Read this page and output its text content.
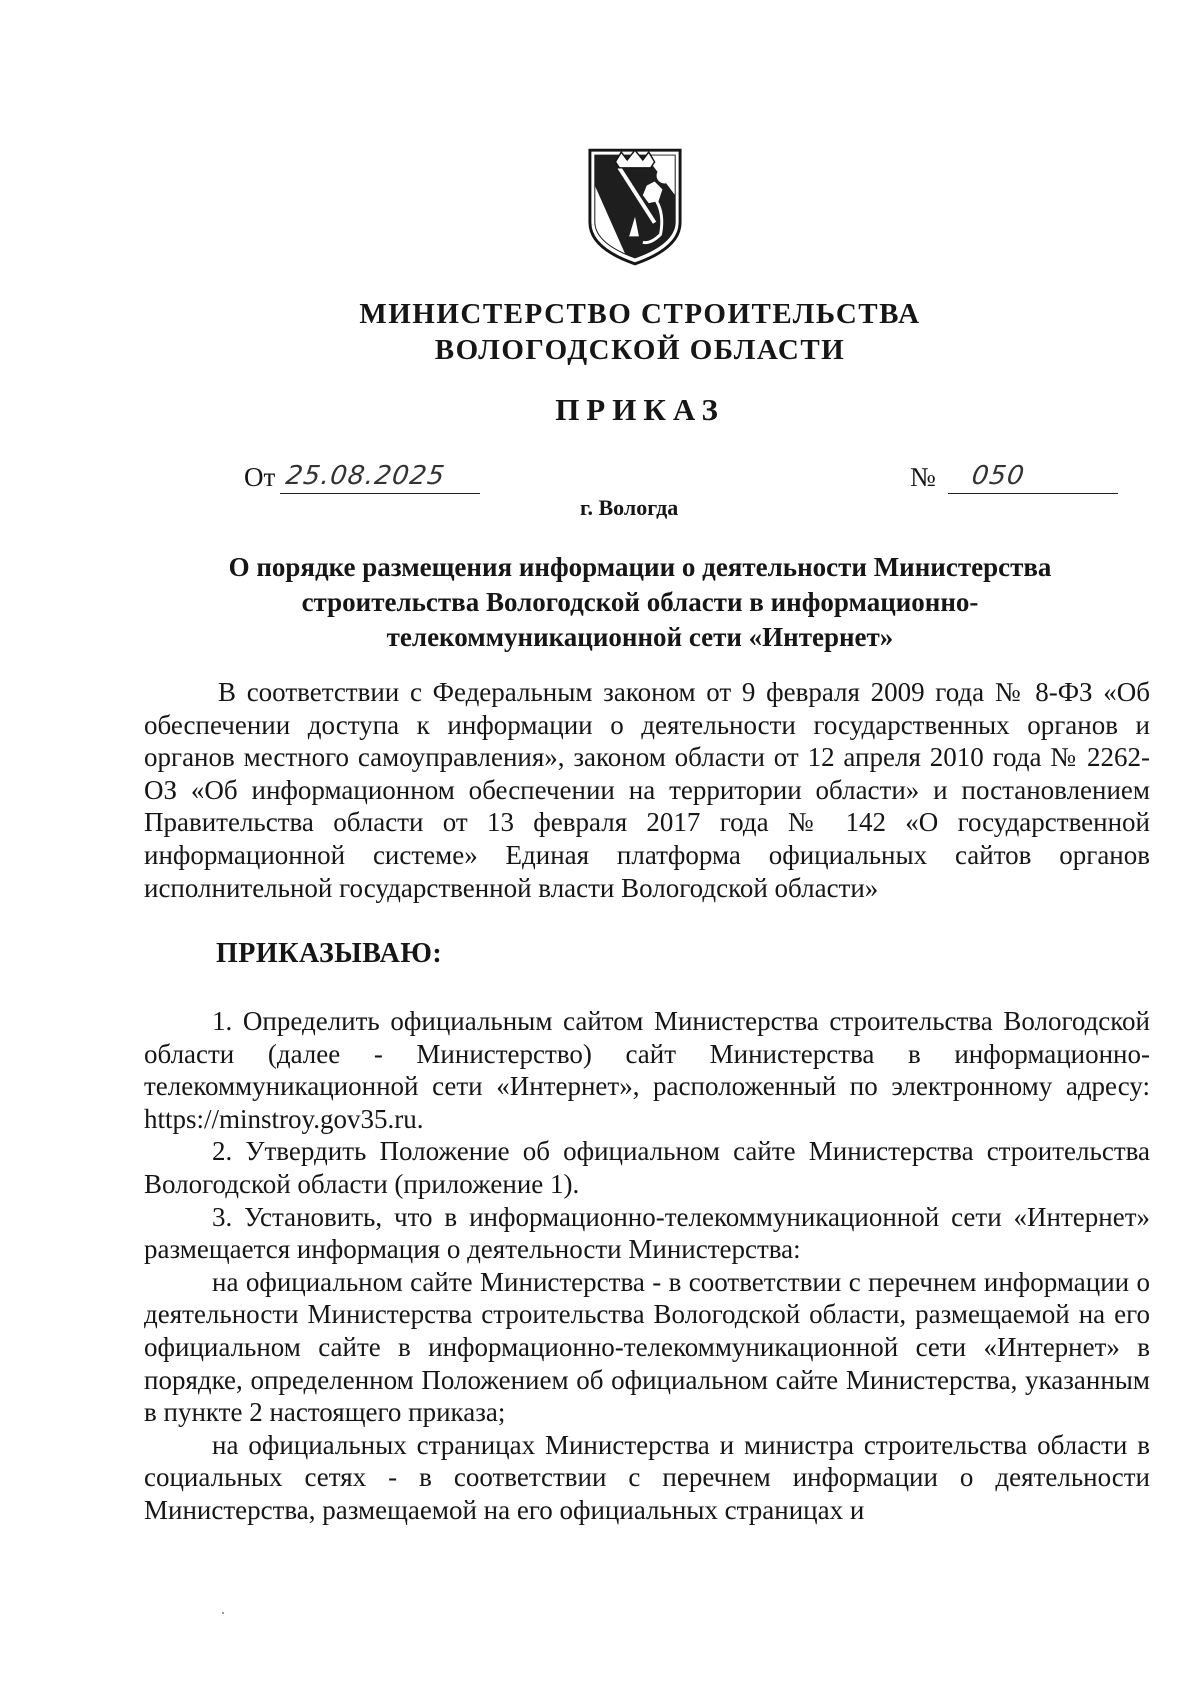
МИНИСТЕРСТВО СТРОИТЕЛЬСТВА
ВОЛОГОДСКОЙ ОБЛАСТИ
ПРИКАЗ
От 25.08.2025	№ 050
г. Вологда
О порядке размещения информации о деятельности Министерства строительства Вологодской области в информационно-телекоммуникационной сети «Интернет»
В соответствии с Федеральным законом от 9 февраля 2009 года № 8-ФЗ «Об обеспечении доступа к информации о деятельности государственных органов и органов местного самоуправления», законом области от 12 апреля 2010 года № 2262-ОЗ «Об информационном обеспечении на территории области» и постановлением Правительства области от 13 февраля 2017 года № 142 «О государственной информационной системе» Единая платформа официальных сайтов органов исполнительной государственной власти Вологодской области»
ПРИКАЗЫВАЮ:

1. Определить официальным сайтом Министерства строительства Вологодской области (далее - Министерство) сайт Министерства в информационно-телекоммуникационной сети «Интернет», расположенный по электронному адресу: https://minstroy.gov35.ru.

2. Утвердить Положение об официальном сайте Министерства строительства Вологодской области (приложение 1).

3. Установить, что в информационно-телекоммуникационной сети «Интернет» размещается информация о деятельности Министерства:

на официальном сайте Министерства - в соответствии с перечнем информации о деятельности Министерства строительства Вологодской области, размещаемой на его официальном сайте в информационно-телекоммуникационной сети «Интернет» в порядке, определенном Положением об официальном сайте Министерства, указанным в пункте 2 настоящего приказа;

на официальных страницах Министерства и министра строительства области в социальных сетях - в соответствии с перечнем информации о деятельности Министерства, размещаемой на его официальных страницах и
